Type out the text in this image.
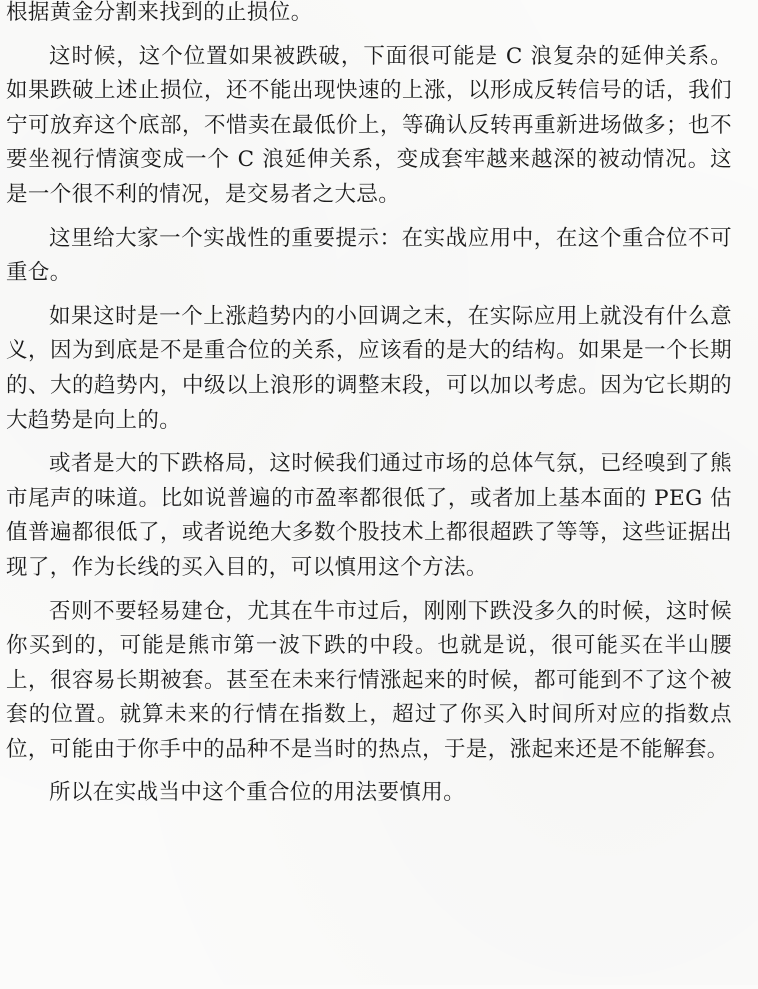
根据黄金分割来找到的止损位。

这时候，这个位置如果被跌破，下面很可能是 C 浪复杂的延伸关系。如果跌破上述止损位，还不能出现快速的上涨，以形成反转信号的话，我们宁可放弃这个底部，不惜卖在最低价上，等确认反转再重新进场做多；也不要坐视行情演变成一个 C 浪延伸关系，变成套牢越来越深的被动情况。这是一个很不利的情况，是交易者之大忌。

这里给大家一个实战性的重要提示：在实战应用中，在这个重合位不可重仓。

如果这时是一个上涨趋势内的小回调之末，在实际应用上就没有什么意义，因为到底是不是重合位的关系，应该看的是大的结构。如果是一个长期的、大的趋势内，中级以上浪形的调整末段，可以加以考虑。因为它长期的大趋势是向上的。

或者是大的下跌格局，这时候我们通过市场的总体气氛，已经嗅到了熊市尾声的味道。比如说普遍的市盈率都很低了，或者加上基本面的 PEG 估值普遍都很低了，或者说绝大多数个股技术上都很超跌了等等，这些证据出现了，作为长线的买入目的，可以慎用这个方法。

否则不要轻易建仓，尤其在牛市过后，刚刚下跌没多久的时候，这时候你买到的，可能是熊市第一波下跌的中段。也就是说，很可能买在半山腰上，很容易长期被套。甚至在未来行情涨起来的时候，都可能到不了这个被套的位置。就算未来的行情在指数上，超过了你买入时间所对应的指数点位，可能由于你手中的品种不是当时的热点，于是，涨起来还是不能解套。

所以在实战当中这个重合位的用法要慎用。
